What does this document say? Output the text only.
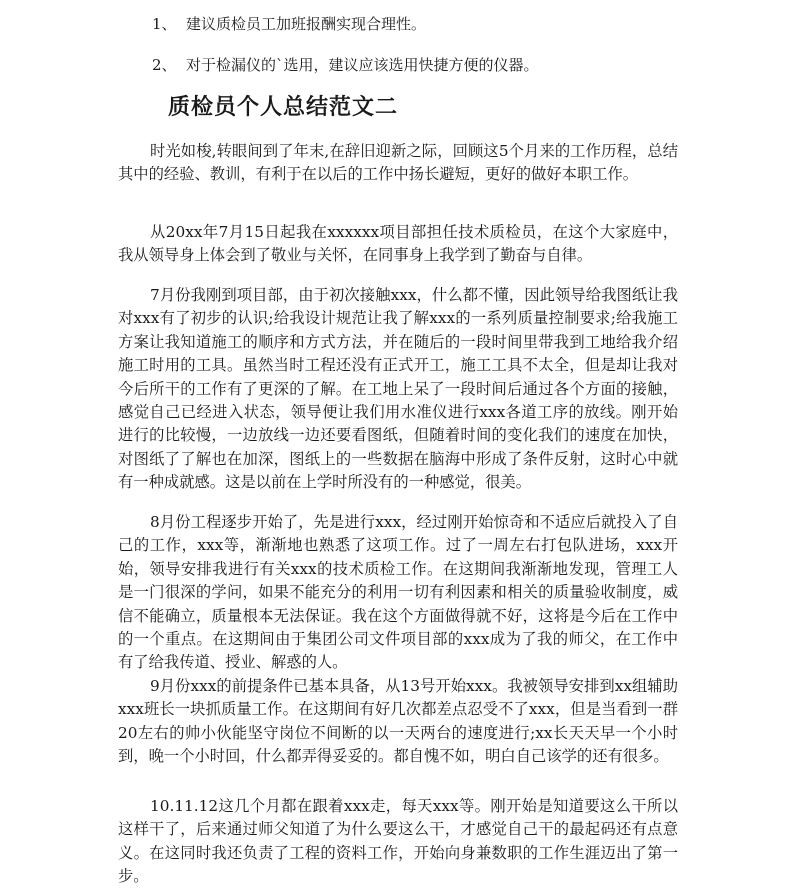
1、 建议质检员工加班报酬实现合理性。
2、 对于检漏仪的`选用，建议应该选用快捷方便的仪器。
质检员个人总结范文二

时光如梭,转眼间到了年末,在辞旧迎新之际，回顾这5个月来的工作历程，总结其中的经验、教训，有利于在以后的工作中扬长避短，更好的做好本职工作。

从20xx年7月15日起我在xxxxxx项目部担任技术质检员，在这个大家庭中，我从领导身上体会到了敬业与关怀，在同事身上我学到了勤奋与自律。

7月份我刚到项目部，由于初次接触xxx，什么都不懂，因此领导给我图纸让我对xxx有了初步的认识;给我设计规范让我了解xxx的一系列质量控制要求;给我施工方案让我知道施工的顺序和方式方法，并在随后的一段时间里带我到工地给我介绍施工时用的工具。虽然当时工程还没有正式开工，施工工具不太全，但是却让我对今后所干的工作有了更深的了解。在工地上呆了一段时间后通过各个方面的接触，感觉自己已经进入状态，领导便让我们用水准仪进行xxx各道工序的放线。刚开始进行的比较慢，一边放线一边还要看图纸，但随着时间的变化我们的速度在加快，对图纸了了解也在加深，图纸上的一些数据在脑海中形成了条件反射，这时心中就有一种成就感。这是以前在上学时所没有的一种感觉，很美。

8月份工程逐步开始了，先是进行xxx，经过刚开始惊奇和不适应后就投入了自己的工作，xxx等，渐渐地也熟悉了这项工作。过了一周左右打包队进场，xxx开始，领导安排我进行有关xxx的技术质检工作。在这期间我渐渐地发现，管理工人是一门很深的学问，如果不能充分的利用一切有利因素和相关的质量验收制度，威信不能确立，质量根本无法保证。我在这个方面做得就不好，这将是今后在工作中的一个重点。在这期间由于集团公司文件项目部的xxx成为了我的师父，在工作中有了给我传道、授业、解惑的人。

9月份xxx的前提条件已基本具备，从13号开始xxx。我被领导安排到xx组辅助xxx班长一块抓质量工作。在这期间有好几次都差点忍受不了xxx，但是当看到一群20左右的帅小伙能坚守岗位不间断的以一天两台的速度进行;xx长天天早一个小时到，晚一个小时回，什么都弄得妥妥的。都自愧不如，明白自己该学的还有很多。

10.11.12这几个月都在跟着xxx走，每天xxx等。刚开始是知道要这么干所以这样干了，后来通过师父知道了为什么要这么干，才感觉自己干的最起码还有点意义。在这同时我还负责了工程的资料工作，开始向身兼数职的工作生涯迈出了第一步。
